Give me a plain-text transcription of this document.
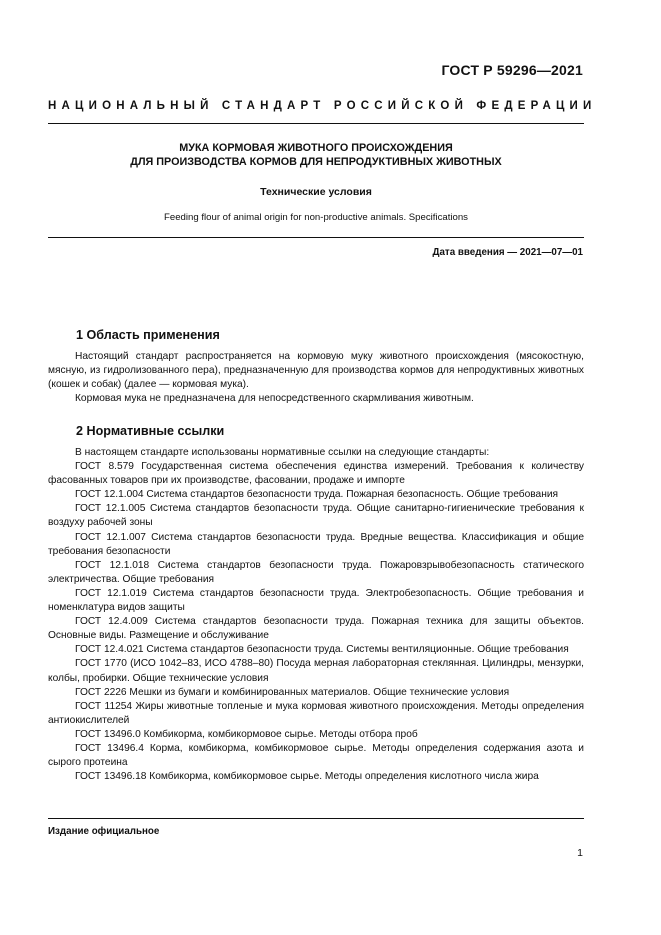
ГОСТ Р 59296—2021
НАЦИОНАЛЬНЫЙ СТАНДАРТ РОССИЙСКОЙ ФЕДЕРАЦИИ
МУКА КОРМОВАЯ ЖИВОТНОГО ПРОИСХОЖДЕНИЯ
ДЛЯ ПРОИЗВОДСТВА КОРМОВ ДЛЯ НЕПРОДУКТИВНЫХ ЖИВОТНЫХ
Технические условия
Feeding flour of animal origin for non-productive animals. Specifications
Дата введения — 2021—07—01
1 Область применения

Настоящий стандарт распространяется на кормовую муку животного происхождения (мясокостную, мясную, из гидролизованного пера), предназначенную для производства кормов для непродуктивных животных (кошек и собак) (далее — кормовая мука).

Кормовая мука не предназначена для непосредственного скармливания животным.

2 Нормативные ссылки

В настоящем стандарте использованы нормативные ссылки на следующие стандарты:

ГОСТ 8.579 Государственная система обеспечения единства измерений. Требования к количеству фасованных товаров при их производстве, фасовании, продаже и импорте

ГОСТ 12.1.004 Система стандартов безопасности труда. Пожарная безопасность. Общие требования

ГОСТ 12.1.005 Система стандартов безопасности труда. Общие санитарно-гигиенические требования к воздуху рабочей зоны

ГОСТ 12.1.007 Система стандартов безопасности труда. Вредные вещества. Классификация и общие требования безопасности

ГОСТ 12.1.018 Система стандартов безопасности труда. Пожаровзрывобезопасность статического электричества. Общие требования

ГОСТ 12.1.019 Система стандартов безопасности труда. Электробезопасность. Общие требования и номенклатура видов защиты

ГОСТ 12.4.009 Система стандартов безопасности труда. Пожарная техника для защиты объектов. Основные виды. Размещение и обслуживание

ГОСТ 12.4.021 Система стандартов безопасности труда. Системы вентиляционные. Общие требования

ГОСТ 1770 (ИСО 1042–83, ИСО 4788–80) Посуда мерная лабораторная стеклянная. Цилиндры, мензурки, колбы, пробирки. Общие технические условия

ГОСТ 2226 Мешки из бумаги и комбинированных материалов. Общие технические условия

ГОСТ 11254 Жиры животные топленые и мука кормовая животного происхождения. Методы определения антиокислителей

ГОСТ 13496.0 Комбикорма, комбикормовое сырье. Методы отбора проб

ГОСТ 13496.4 Корма, комбикорма, комбикормовое сырье. Методы определения содержания азота и сырого протеина

ГОСТ 13496.18 Комбикорма, комбикормовое сырье. Методы определения кислотного числа жира

Издание официальное
1
